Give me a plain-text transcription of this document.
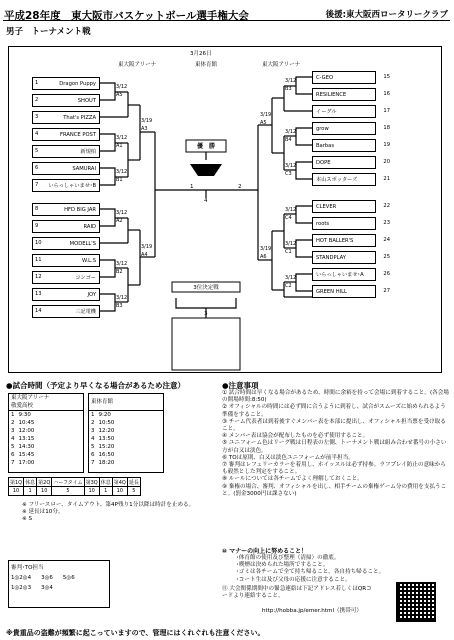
平成28年度　東大阪市バスケットボール選手権大会	後援:東大阪西ロータリークラブ
男子　トーナメント戦
3月26日
東大阪アリーナ	東体育館	東大阪アリーナ
Dragon Puppy
1
SHOUT
2
That's PIZZA
3
FRANCE POST
4
新規柏
5
SAMURAI
6
いらっしゃいませ･B
7
HFD BIG JAR
8
RAID
9
MODELL'S
10
W.L.S
11
コンゴー
12
JOY
13
三記電機
14
C-GEO	15
RESILIENCE	16
イーグル	17
grow	18
Barbas	19
DOPE	20
本山スポッターズ	21
CLEVER	22
roots	23
HOT BALLER'S	24
STANDPLAY	25
いらっしゃいませ･A	26
GREEN HILL	27
優　勝
1	2
4
3位決定戦
3
3/12
A5
3/12
A1
3/12
B1
3/12
A2
3/12
B2
3/12
B3
3/19
A3
3/19
A4
3/12
B3
3/12
B4
3/12
C3
3/12
C4
3/12
C1
3/12
C2
3/19
A5
3/19
A6
●試合時間（予定より早くなる場合があるため注意）
東大阪アリーナ
敬愛高校
1	9:30
2	10:45
3	12:00
4	13:15
5	14:30
6	15:45
7	17:00
東体育館
1	9:20
2	10:50
3	12:20
4	13:50
5	15:20
6	16:50
7	18:20
第1Q	休息	第2Q	ハーフタイム	第3Q	休息	第4Q	延長
10	1	10	5	10	1	10	5
※ フリースロー、タイムアウト、第4P残り1分以降は時計を止める。
※ 延長は10分。
※ S
審判･TO担当
1◎2◎4 3◎6 5◎6
1◎2◎3 3◎4
●注意事項
① 試合時間は早くなる場合があるため、時間に余裕を持って会場に到着すること。(各会場の開場時間:8:50)
② オフィシャルの時間には必ず間に合うように到着し、試合がスムーズに始められるよう準備をすること。
③ チーム代表者は到着後すぐメンバー表を本部に提出し、オフィシャル担当票を受け取ること。
④ メンバー表は協会が配布したものを必ず使用すること。
⑤ ユニフォーム色はリーグ戦は日程表の左側、トーナメント戦は組み合わせ番号の小さい方が白又は淡色。
⑥ TOは原則、白又は淡色ユニフォームが前半担当。
⑦ 審判はレフェリーカラーを着用し、ホイッスルは必ず持参。ラフプレイ防止の意味からも毅然とした判定をすること。
⑧ ルールについては各チームでよく理解しておくこと。
⑨ 棄権の場合、審判、オフィシャルを出し、相手チームの棄権ゲーム分の費用を支払うこと。(罰金3000円は課さない)
⑩ マナーの向上に努めること！
･体育館の使用及び整理（清掃）の徹底。
･喫煙は決められた場所ですること。
･ゴミは各チームで全て持ち帰ること。各自持ち帰ること。
･コート生は及び父母の応援に注意すること。
⑪ 大会関係期間中の緊急連絡は下記アドレス若しくはQRコードより連絡すること。
http://hobba.jp/emer.html（携帯可）
※貴重品の盗難が頻繁に起こっていますので、管理にはくれぐれも注意ください。
